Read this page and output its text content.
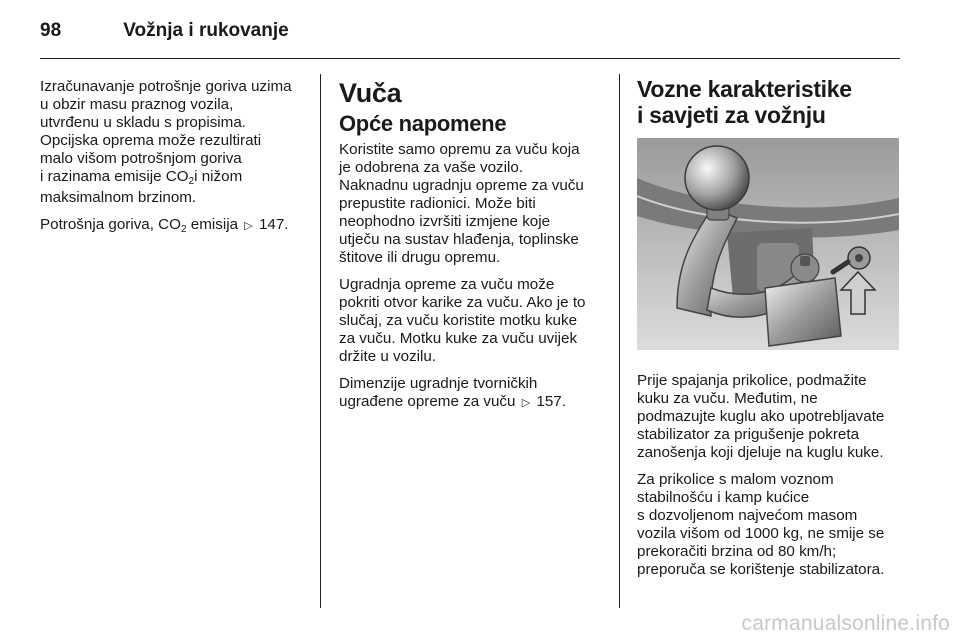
98	Vožnja i rukovanje

Izračunavanje potrošnje goriva uzima
u obzir masu praznog vozila,
utvrđenu u skladu s propisima.
Opcijska oprema može rezultirati
malo višom potrošnjom goriva
i razinama emisije $CO_2i$ nižom
maksimalnom brzinom.

Potrošnja goriva, $CO_2$ emisija ▷ 147.

Vuča
Opće napomene

Koristite samo opremu za vuču koja
je odobrena za vaše vozilo.
Naknadnu ugradnju opreme za vuču
prepustite radionici. Može biti
neophodno izvršiti izmjene koje
utječu na sustav hlađenja, toplinske
štitove ili drugu opremu.

Ugradnja opreme za vuču može
pokriti otvor karike za vuču. Ako je to
slučaj, za vuču koristite motku kuke
za vuču. Motku kuke za vuču uvijek
držite u vozilu.

Dimenzije ugradnje tvorničkih
ugrađene opreme za vuču ▷ 157.

Vozne karakteristike
i savjeti za vožnju

Prije spajanja prikolice, podmažite
kuku za vuču. Međutim, ne
podmazujte kuglu ako upotrebljavate
stabilizator za prigušenje pokreta
zanošenja koji djeluje na kuglu kuke.

Za prikolice s malom voznom
stabilnošću i kamp kućice
s dozvoljenom najvećom masom
vozila višom od 1000 kg, ne smije se
prekoračiti brzina od 80 km/h;
preporuča se korištenje stabilizatora.

carmanualsonline.info
